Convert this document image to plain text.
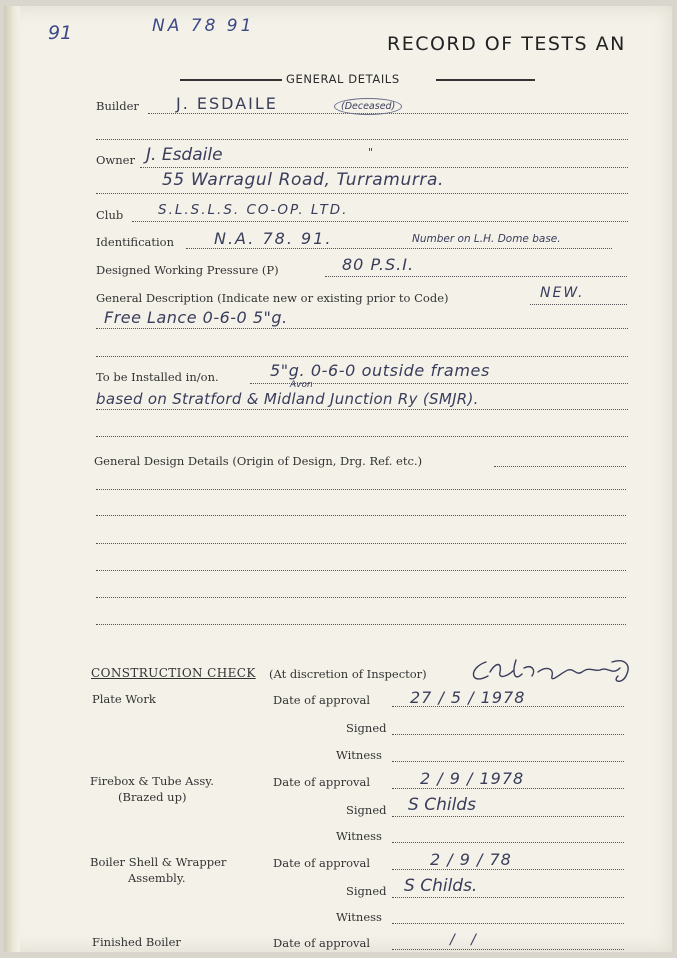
91	NA 78 91
RECORD OF TESTS AN
GENERAL DETAILS
Builder J. ESDAILE	(Deceased)
Owner J. Esdaile	"
55 Warragul Road, Turramurra.
Club	S.L.S.L.S. CO-OP. LTD.
Identification N.A. 78. 91.	Number on L.H. Dome base.
Designed Working Pressure (P)	80 P.S.I.
General Description (Indicate new or existing prior to Code)	NEW.
Free Lance 0-6-0 5"g.
To be Installed in/on.	5"g. 0-6-0 outside frames
Avon
based on Stratford & Midland Junction Ry (SMJR).
General Design Details (Origin of Design, Drg. Ref. etc.)
CONSTRUCTION CHECK (At discretion of Inspector)
Plate Work	Date of approval 27 / 5 / 1978
Signed
Witness
Firebox & Tube Assy.
(Brazed up)
Date of approval	2 / 9 / 1978
Signed S Childs
Witness
Boiler Shell & Wrapper
Assembly.
Date of approval	2 / 9 / 78
Signed S Childs.
Witness
Finished Boiler	Date of approval	/ /
